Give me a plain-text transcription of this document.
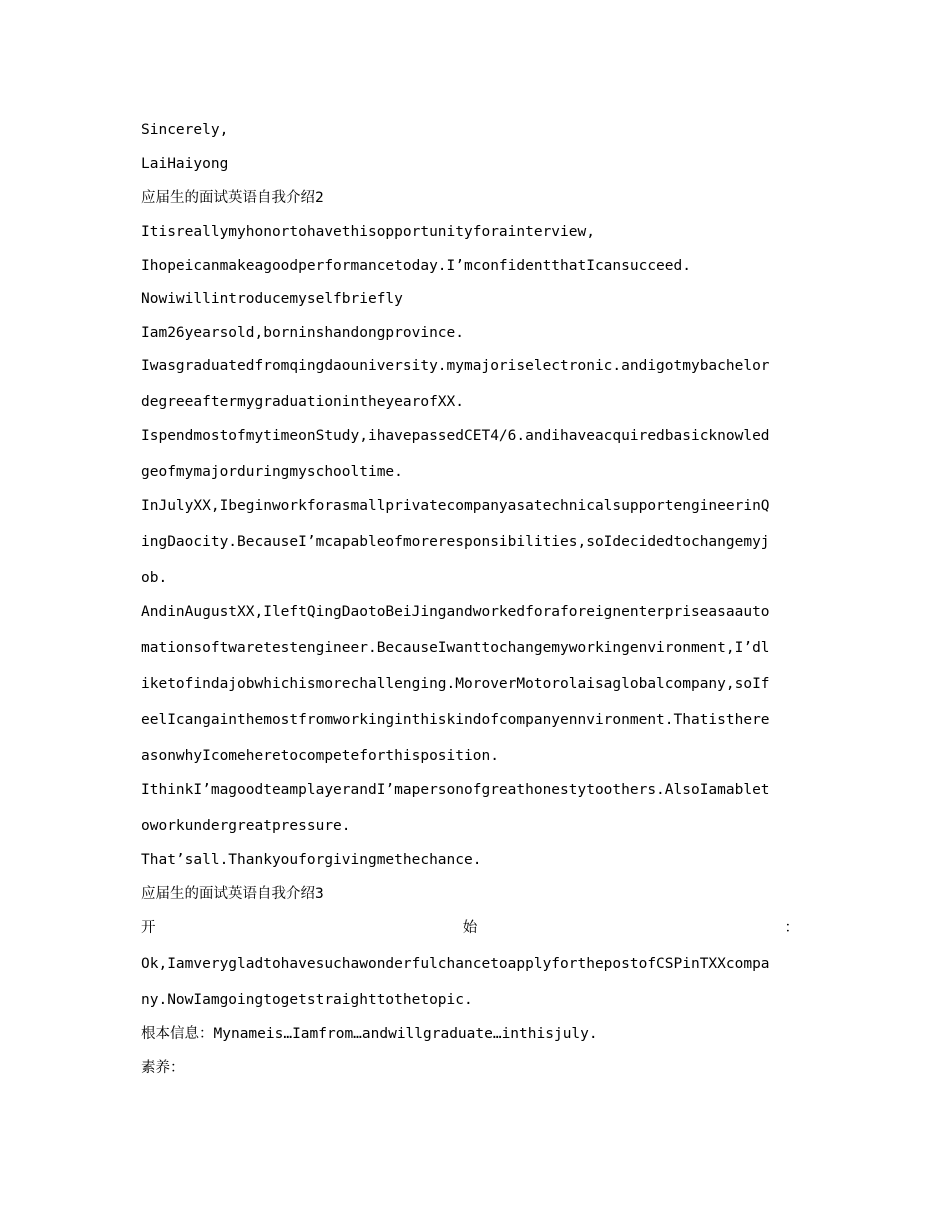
Sincerely,
LaiHaiyong
应届生的面试英语自我介绍2
Itisreallymyhonortohavethisopportunityforainterview,
Ihopeicanmakeagoodperformancetoday.I’mconfidentthatIcansucceed.
Nowiwillintroducemyselfbriefly
Iam26yearsold,borninshandongprovince.
Iwasgraduatedfromqingdaouniversity.mymajoriselectronic.andigotmybachelor
degreeaftermygraduationintheyearofXX.
IspendmostofmytimeonStudy,ihavepassedCET4/6.andihaveacquiredbasicknowled
geofmymajorduringmyschooltime.
InJulyXX,IbeginworkforasmallprivatecompanyasatechnicalsupportengineerinQ
ingDaocity.BecauseI’mcapableofmoreresponsibilities,soIdecidedtochangemyj
ob.
AndinAugustXX,IleftQingDaotoBeiJingandworkedforaforeignenterpriseasaauto
mationsoftwaretestengineer.BecauseIwanttochangemyworkingenvironment,I’dl
iketofindajobwhichismorechallenging.MoroverMotorolaisaglobalcompany,soIf
eelIcangainthemostfromworkinginthiskindofcompanyennvironment.Thatisthere
asonwhyIcomeheretocompeteforthisposition.
IthinkI’magoodteamplayerandI’mapersonofgreathonestytoothers.AlsoIamablet
oworkundergreatpressure.
That’sall.Thankyouforgivingmethechance.
应届生的面试英语自我介绍3
开	始	：
Ok,IamverygladtohavesuchawonderfulchancetoapplyforthepostofCSPinTXXcompa
ny.NowIamgoingtogetstraighttothetopic.
根本信息：Mynameis…Iamfrom…andwillgraduate…inthisjuly.
素养：
